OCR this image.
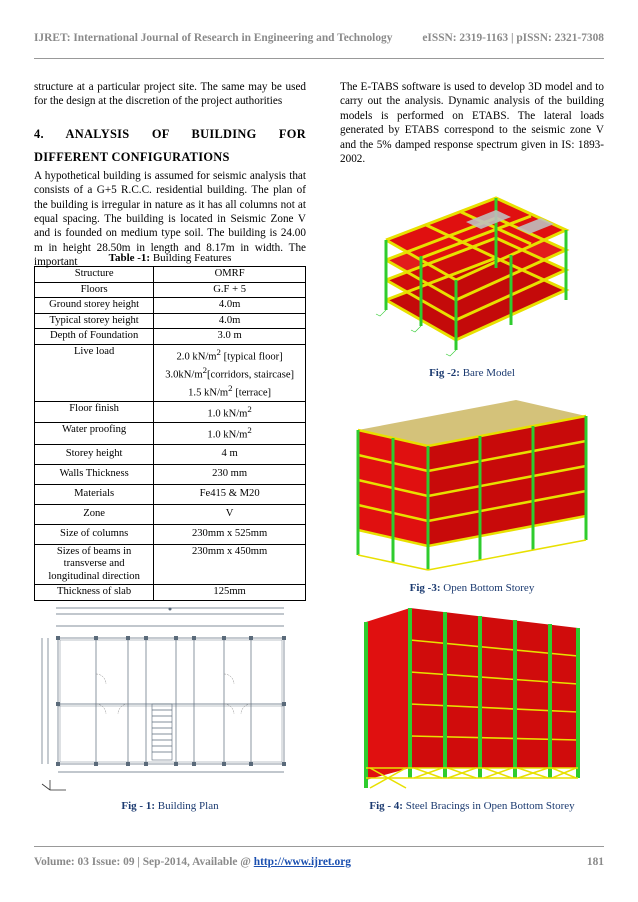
IJRET: International Journal of Research in Engineering and Technology	eISSN: 2319-1163 | pISSN: 2321-7308

structure at a particular project site. The same may be used for the design at the discretion of the project authorities

4. ANALYSIS OF BUILDING FOR DIFFERENT CONFIGURATIONS

A hypothetical building is assumed for seismic analysis that consists of a G+5 R.C.C. residential building. The plan of the building is irregular in nature as it has all columns not at equal spacing. The building is located in Seismic Zone V and is founded on medium type soil. The building is 24.00 m in height 28.50m in length and 8.17m in width. The important	Table -1: Building Features
Structure	OMRF
Floors	G.F + 5
Ground storey height	4.0m
Typical storey height	4.0m
Depth of Foundation	3.0 m
Live load	2.0 $kN/m^2$ [typical floor]
$3.0kN/m^2[corridors$, staircase]
1.5 $kN/m^2$ [terrace]
Floor finish	1.0 $kN/m^2$
Water proofing	1.0 $kN/m^2$
Storey height	4 m
Walls Thickness	230 mm
Materials	Fe415 & M20
Zone	V
Size of columns	230mm x 525mm
Sizes of beams in transverse and longitudinal direction	230mm x 450mm
Thickness of slab	125mm
Fig - 1: Building Plan

The E-TABS software is used to develop 3D model and to carry out the analysis. Dynamic analysis of the building models is performed on ETABS. The lateral loads generated by ETABS correspond to the seismic zone V and the 5% damped response spectrum given in IS: 1893-2002.

Fig -2: Bare Model
Fig -3: Open Bottom Storey
Fig - 4: Steel Bracings in Open Bottom Storey
Volume: 03 Issue: 09 | Sep-2014, Available @ http://www.ijret.org	181
